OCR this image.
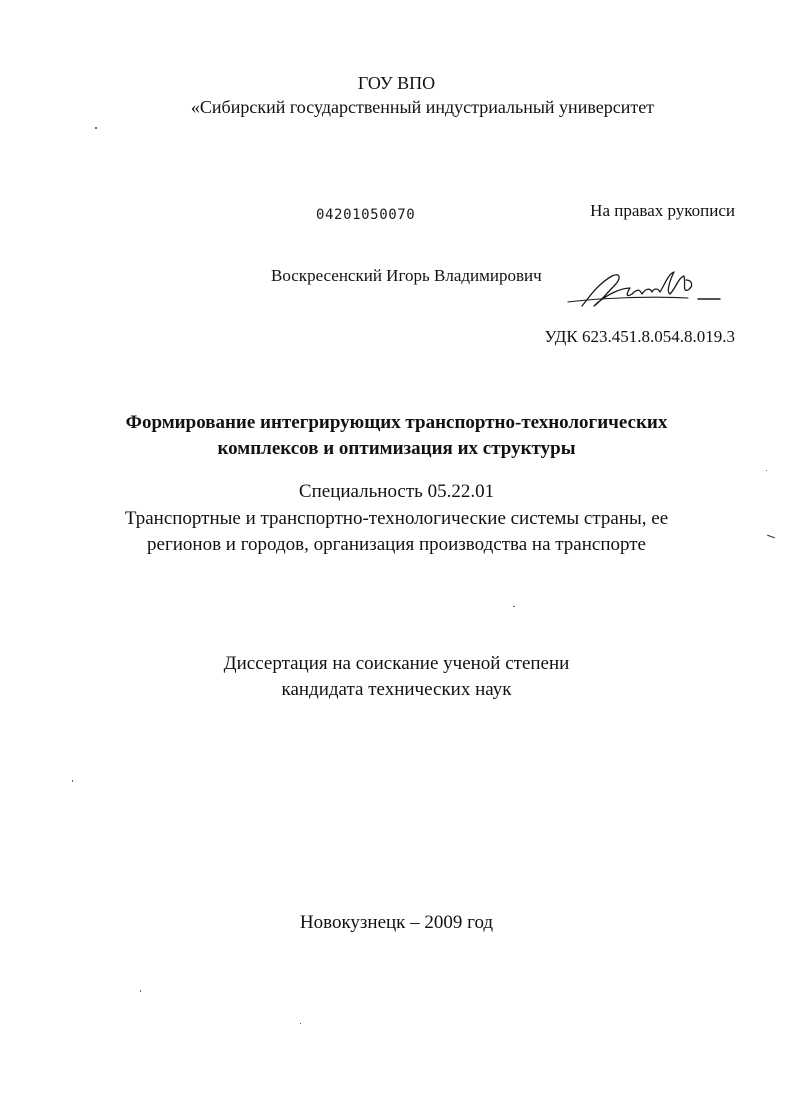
ГОУ ВПО
«Сибирский государственный индустриальный университет
04201050070	На правах рукописи
Воскресенский Игорь Владимирович
УДК 623.451.8.054.8.019.3
Формирование интегрирующих транспортно-технологических
комплексов и оптимизация их структуры
Специальность 05.22.01
Транспортные и транспортно-технологические системы страны, ее
регионов и городов, организация производства на транспорте
Диссертация на соискание ученой степени
кандидата технических наук
Новокузнецк – 2009 год
